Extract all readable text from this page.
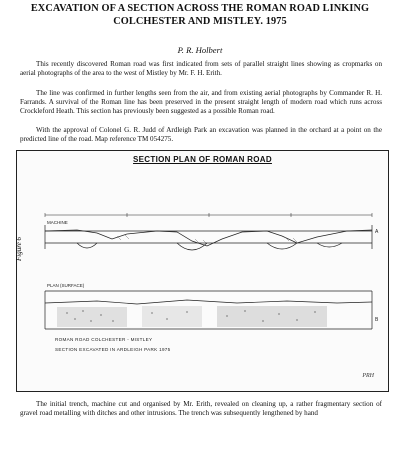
EXCAVATION OF A SECTION ACROSS THE ROMAN ROAD LINKING COLCHESTER AND MISTLEY. 1975
P. R. Holbert

This recently discovered Roman road was first indicated from sets of parallel straight lines showing as cropmarks on aerial photographs of the area to the west of Mistley by Mr. F. H. Erith.

The line was confirmed in further lengths seen from the air, and from existing aerial photographs by Commander R. H. Farrands. A survival of the Roman line has been preserved in the present straight length of modern road which runs across Crockleford Heath. This section has previously been suggested as a possible Roman road.

With the approval of Colonel G. R. Judd of Ardleigh Park an excavation was planned in the orchard at a point on the predicted line of the road. Map reference TM 054275.

MACHINE
PLAN (SURFACE)
A
B
SECTION PLAN OF ROMAN ROAD
Figure 6
ROMAN ROAD COLCHESTER - MISTLEY
SECTION EXCAVATED IN ARDLEIGH PARK 1975
PRH

The initial trench, machine cut and organised by Mr. Erith, revealed on cleaning up, a rather fragmentary section of gravel road metalling with ditches and other intrusions. The trench was subsequently lengthened by hand
